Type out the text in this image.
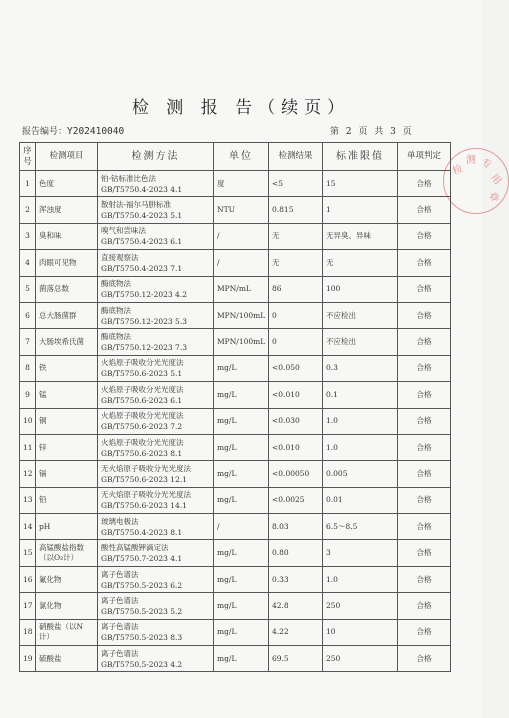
检 测 报 告（续页）
报告编号：Y202410040	第 2 页 共 3 页
检
测 专
用
章
序号	检测项目	检测方法	单位	检测结果	标准限值	单项判定
1	色度	铂-钴标准比色法
GB/T5750.4-2023 4.1	度	<5	15	合格
2	浑浊度	散射法-福尔马肼标准
GB/T5750.4-2023 5.1	NTU	0.815	1	合格
3	臭和味	嗅气和尝味法
GB/T5750.4-2023 6.1	/	无	无异臭、异味	合格
4	肉眼可见物	直接观察法
GB/T5750.4-2023 7.1	/	无	无	合格
5	菌落总数	酶底物法
GB/T5750.12-2023 4.2	MPN/mL	86	100	合格
6	总大肠菌群	酶底物法
GB/T5750.12-2023 5.3	MPN/100mL	0	不应检出	合格
7	大肠埃希氏菌	酶底物法
GB/T5750.12-2023 7.3	MPN/100mL	0	不应检出	合格
8	铁	火焰原子吸收分光光度法
GB/T5750.6-2023 5.1	mg/L	<0.050	0.3	合格
9	锰	火焰原子吸收分光光度法
GB/T5750.6-2023 6.1	mg/L	<0.010	0.1	合格
10	铜	火焰原子吸收分光光度法
GB/T5750.6-2023 7.2	mg/L	<0.030	1.0	合格
11	锌	火焰原子吸收分光光度法
GB/T5750.6-2023 8.1	mg/L	<0.010	1.0	合格
12	镉	无火焰原子吸收分光光度法
GB/T5750.6-2023 12.1	mg/L	<0.00050	0.005	合格
13	铅	无火焰原子吸收分光光度法
GB/T5750.6-2023 14.1	mg/L	<0.0025	0.01	合格
14	pH	玻璃电极法
GB/T5750.4-2023 8.1	/	8.03	6.5～8.5	合格
15	高锰酸盐指数（以O₂计）	酸性高锰酸钾滴定法
GB/T5750.7-2023 4.1	mg/L	0.80	3	合格
16	氟化物	离子色谱法
GB/T5750.5-2023 6.2	mg/L	0.33	1.0	合格
17	氯化物	离子色谱法
GB/T5750.5-2023 5.2	mg/L	42.8	250	合格
18	硝酸盐（以N计）	离子色谱法
GB/T5750.5-2023 8.3	mg/L	4.22	10	合格
19	硫酸盐	离子色谱法
GB/T5750.5-2023 4.2	mg/L	69.5	250	合格
